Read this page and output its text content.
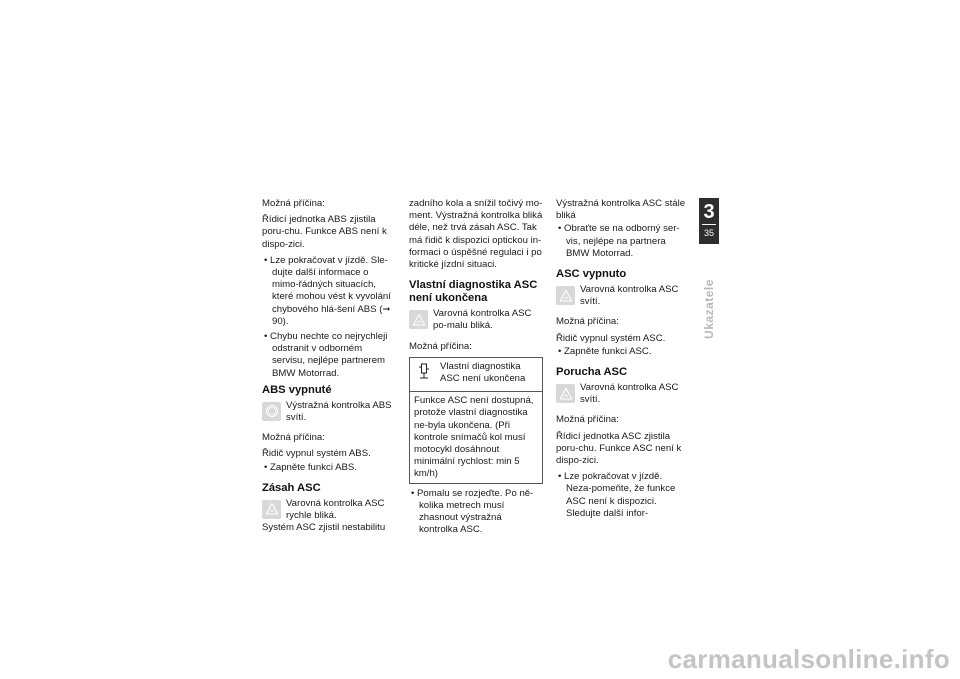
Možná příčina:

Řídicí jednotka ABS zjistila poru-chu. Funkce ABS není k dispo-zici.

• Lze pokračovat v jízdě. Sle-dujte další informace o mimo-řádných situacích, které mohou vést k vyvolání chybového hlá-šení ABS (➞ 90).

• Chybu nechte co nejrychleji odstranit v odborném servisu, nejlépe partnerem BMW Motorrad.

ABS vypnuté
Výstražná kontrolka ABS svítí.

Možná příčina:

Řidič vypnul systém ABS.

• Zapněte funkci ABS.

Zásah ASC
Varovná kontrolka ASC rychle bliká.

Systém ASC zjistil nestabilitu

zadního kola a snížil točivý mo-ment. Výstražná kontrolka bliká déle, než trvá zásah ASC. Tak má řidič k dispozici optickou in-formaci o úspěšné regulaci i po kritické jízdní situaci.

Vlastní diagnostika ASC není ukončena
Varovná kontrolka ASC po-malu bliká.

Možná příčina:

Vlastní diagnostika ASC není ukončena
Funkce ASC není dostupná, protože vlastní diagnostika ne-byla ukončena. (Při kontrole snímačů kol musí motocykl dosáhnout minimální rychlost: min 5 km/h)

• Pomalu se rozjeďte. Po ně-kolika metrech musí zhasnout výstražná kontrolka ASC.

Výstražná kontrolka ASC stále bliká

• Obraťte se na odborný ser-vis, nejlépe na partnera BMW Motorrad.

ASC vypnuto
Varovná kontrolka ASC svítí.

Možná příčina:

Řidič vypnul systém ASC.

• Zapněte funkci ASC.

Porucha ASC
Varovná kontrolka ASC svítí.

Možná příčina:

Řídicí jednotka ASC zjistila poru-chu. Funkce ASC není k dispo-zici.

• Lze pokračovat v jízdě. Neza-pomeňte, že funkce ASC není k dispozici. Sledujte další infor-

3
35
Ukazatele
carmanualsonline.info
